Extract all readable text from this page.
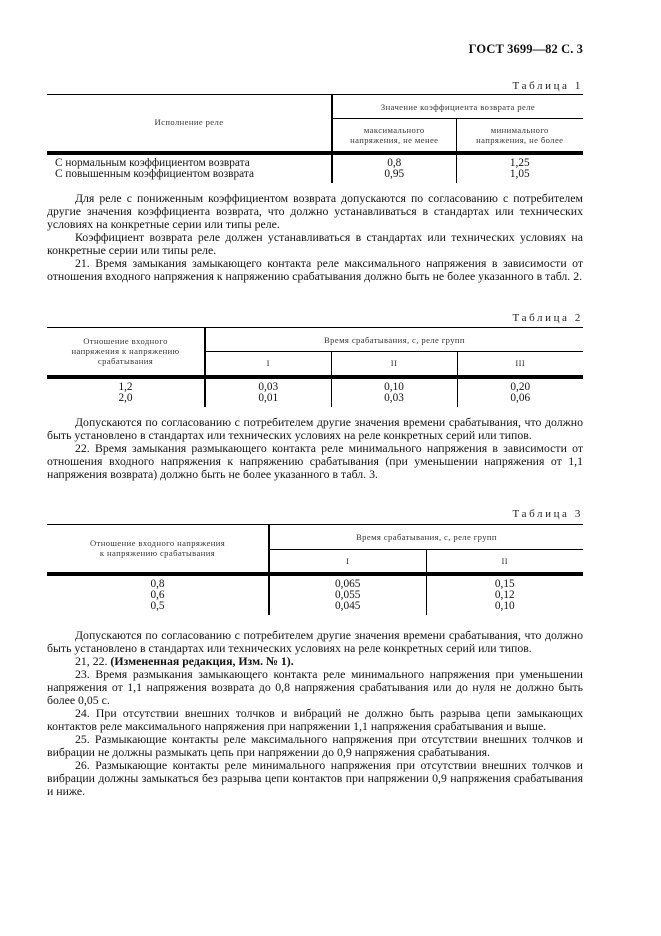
ГОСТ 3699—82 С. 3
Таблица 1
Исполнение реле	Значение коэффициента возврата реле	
	максимального напряжения, не менее	минимального напряжения, не более
С нормальным коэффициентом возврата	0,8	1,25
С повышенным коэффициентом возврата	0,95	1,05

Для реле с пониженным коэффициентом возврата допускаются по согласованию с потребителем другие значения коэффициента возврата, что должно устанавливаться в стандартах или технических условиях на конкретные серии или типы реле.

Коэффициент возврата реле должен устанавливаться в стандартах или технических условиях на конкретные серии или типы реле.

21. Время замыкания замыкающего контакта реле максимального напряжения в зависимости от отношения входного напряжения к напряжению срабатывания должно быть не более указанного в табл. 2.

Таблица 2
Отношение входного напряжения к напряжению срабатывания	Время срабатывания, с, реле групп		
	I	II	III
1,2	0,03	0,10	0,20
2,0	0,01	0,03	0,06

Допускаются по согласованию с потребителем другие значения времени срабатывания, что должно быть установлено в стандартах или технических условиях на реле конкретных серий или типов.

22. Время замыкания размыкающего контакта реле минимального напряжения в зависимости от отношения входного напряжения к напряжению срабатывания (при уменьшении напряжения от 1,1 напряжения возврата) должно быть не более указанного в табл. 3.

Таблица 3
Отношение входного напряжения к напряжению срабатывания	Время срабатывания, с, реле групп	
	I	II
0,8	0,065	0,15
0,6	0,055	0,12
0,5	0,045	0,10

Допускаются по согласованию с потребителем другие значения времени срабатывания, что должно быть установлено в стандартах или технических условиях на реле конкретных серий или типов.

21, 22. (Измененная редакция, Изм. № 1).

23. Время размыкания замыкающего контакта реле минимального напряжения при уменьшении напряжения от 1,1 напряжения возврата до 0,8 напряжения срабатывания или до нуля не должно быть более 0,05 с.

24. При отсутствии внешних толчков и вибраций не должно быть разрыва цепи замыкающих контактов реле максимального напряжения при напряжении 1,1 напряжения срабатывания и выше.

25. Размыкающие контакты реле максимального напряжения при отсутствии внешних толчков и вибрации не должны размыкать цепь при напряжении до 0,9 напряжения срабатывания.

26. Размыкающие контакты реле минимального напряжения при отсутствии внешних толчков и вибрации должны замыкаться без разрыва цепи контактов при напряжении 0,9 напряжения срабатывания и ниже.
